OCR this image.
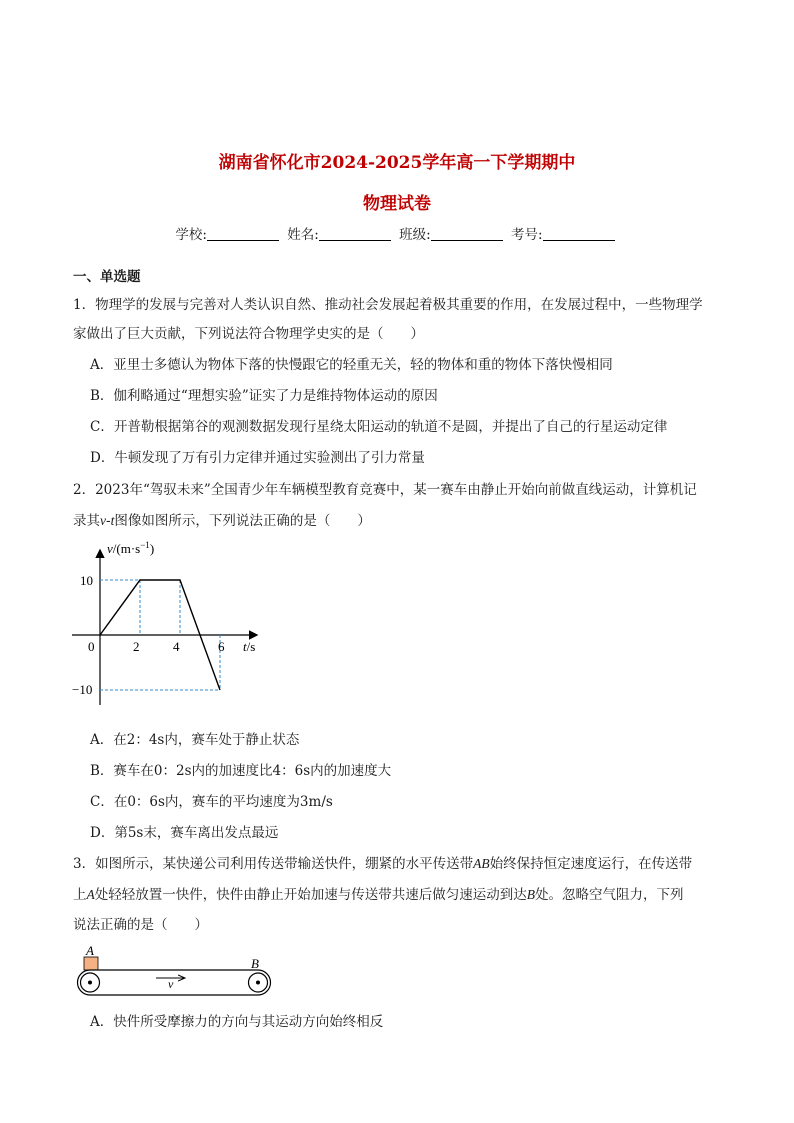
湖南省怀化市2024-2025学年高一下学期期中
物理试卷
学校:	姓名:	班级:	考号:
一、单选题
1．物理学的发展与完善对人类认识自然、推动社会发展起着极其重要的作用，在发展过程中，一些物理学
家做出了巨大贡献，下列说法符合物理学史实的是（　　）
A．亚里士多德认为物体下落的快慢跟它的轻重无关，轻的物体和重的物体下落快慢相同
B．伽利略通过“理想实验”证实了力是维持物体运动的原因
C．开普勒根据第谷的观测数据发现行星绕太阳运动的轨道不是圆，并提出了自己的行星运动定律
D．牛顿发现了万有引力定律并通过实验测出了引力常量
2．2023年“驾驭未来”全国青少年车辆模型教育竞赛中，某一赛车由静止开始向前做直线运动，计算机记
录其v-t图像如图所示，下列说法正确的是（　　）
$v/(m\cdot s^{-1})$
t/s
0	2	4	6
10
−10
A．在2：4s内，赛车处于静止状态
B．赛车在0：2s内的加速度比4：6s内的加速度大
C．在0：6s内，赛车的平均速度为3m/s
D．第5s末，赛车离出发点最远
3．如图所示，某快递公司利用传送带输送快件，绷紧的水平传送带AB始终保持恒定速度运行，在传送带
上A处轻轻放置一快件，快件由静止开始加速与传送带共速后做匀速运动到达B处。忽略空气阻力，下列
说法正确的是（　　）
A
B
v
A．快件所受摩擦力的方向与其运动方向始终相反
